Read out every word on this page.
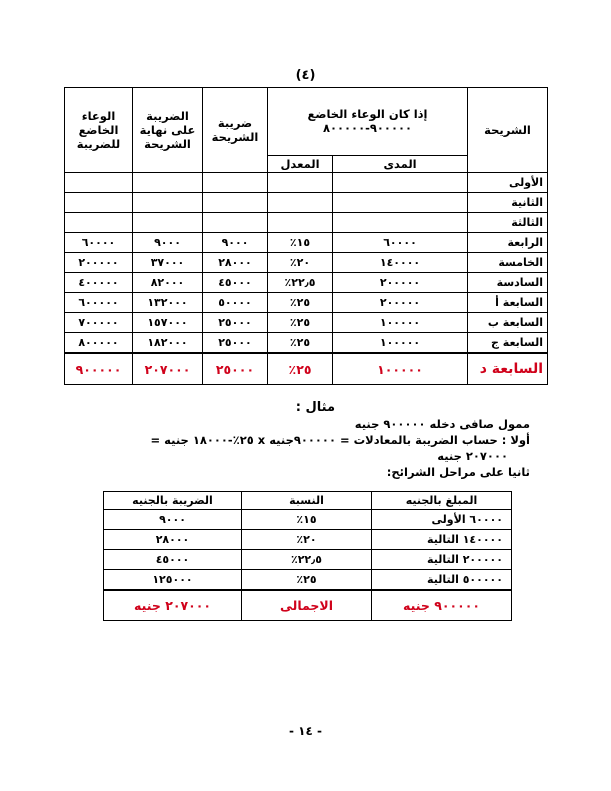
(٤)
الشريحة	إذا كان الوعاء الخاضع
٩٠٠٠٠٠-٨٠٠٠٠٠		ضريبة الشريحة	الضريبة على نهاية الشريحة	الوعاء الخاضع للضريبة
	المدى	المعدل			
الأولى					
الثانية					
الثالثة					
الرابعة	٦٠٠٠٠	١٥٪	٩٠٠٠	٩٠٠٠	٦٠٠٠٠
الخامسة	١٤٠٠٠٠	٢٠٪	٢٨٠٠٠	٣٧٠٠٠	٢٠٠٠٠٠
السادسة	٢٠٠٠٠٠	٢٢٫٥٪	٤٥٠٠٠	٨٢٠٠٠	٤٠٠٠٠٠
السابعة أ	٢٠٠٠٠٠	٢٥٪	٥٠٠٠٠	١٣٢٠٠٠	٦٠٠٠٠٠
السابعة ب	١٠٠٠٠٠	٢٥٪	٢٥٠٠٠	١٥٧٠٠٠	٧٠٠٠٠٠
السابعة ج	١٠٠٠٠٠	٢٥٪	٢٥٠٠٠	١٨٢٠٠٠	٨٠٠٠٠٠
السابعة د	١٠٠٠٠٠	٢٥٪	٢٥٠٠٠	٢٠٧٠٠٠	٩٠٠٠٠٠
مثال :
ممول صافى دخله ٩٠٠٠٠٠ جنيه
أولا : حساب الضريبة بالمعادلات = ٩٠٠٠٠٠جنيه x ٢٥٪-١٨٠٠٠ جنيه =
٢٠٧٠٠٠ جنيه
ثانيا على مراحل الشرائح:
المبلغ بالجنيه	النسبة	الضريبة بالجنيه
٦٠٠٠٠ الأولى	١٥٪	٩٠٠٠
١٤٠٠٠٠ التالية	٢٠٪	٢٨٠٠٠
٢٠٠٠٠٠ التالية	٢٢٫٥٪	٤٥٠٠٠
٥٠٠٠٠٠ التالية	٢٥٪	١٢٥٠٠٠
٩٠٠٠٠٠ جنيه	الاجمالى	٢٠٧٠٠٠ جنيه
- ١٤ -
